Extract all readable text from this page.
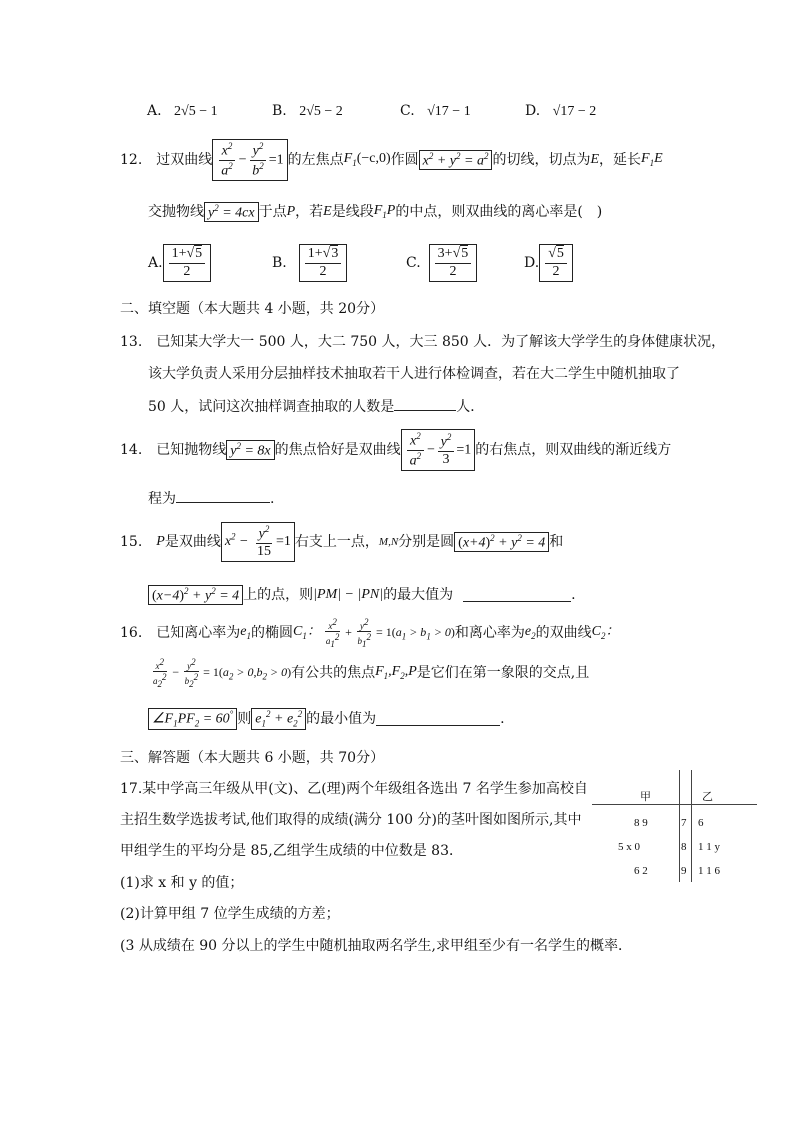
A. 2√5 − 1	B. 2√5 − 2	C. √17 − 1	D. √17 − 2
12. 过双曲线 $\frac{x^2}{a^2} - \frac{y^2}{b^2} =1$ 的左焦点 $F_1(-c,0)$ 作圆 $x^2 + y^2 = a^2$ 的切线，切点为 E ，延长 $F_1E$
交抛物线 $y^2 = 4cx$ 于点 P ，若 E 是线段 $F_1P$ 的中点，则双曲线的离心率是(　)
A. $\frac{1+√5}{2}$	B. $\frac{1+√3}{2}$	C. $\frac{3+√5}{2}$	D. $\frac{√5}{2}$
二、填空题（本大题共 4 小题，共 20分）
13. 已知某大学大一 500 人，大二 750 人，大三 850 人．为了解该大学学生的身体健康状况，
该大学负责人采用分层抽样技术抽取若干人进行体检调查，若在大二学生中随机抽取了
50 人，试问这次抽样调查抽取的人数是	人．
14. 已知抛物线 $y^2 = 8x$ 的焦点恰好是双曲线 $\frac{x^2}{a^2} - \frac{y^2}{3} =1$ 的右焦点，则双曲线的渐近线方
程为	.
15. P 是双曲线 $x^2 - \frac{y^2}{15} =1$ 右支上一点， M,N 分别是圆 $(x+4)^2 + y^2 = 4$ 和
$(x-4)^2 + y^2 = 4$ 上的点，则 |PM| − |PN| 的最大值为	.
16. 已知离心率为 $e_1$ 的椭圆 $C_1$： $\frac{x^2}{a_1^2} + \frac{y^2}{b_1^2} = 1(a_1 > b_1 > 0)$ 和离心率为 $e_2$ 的双曲线 $C_2$：
$\frac{x^2}{a_2^2} - \frac{y^2}{b_2^2} = 1(a_2 > 0,b_2 > 0)$ 有公共的焦点 $F_1,F_2,P$ 是它们在第一象限的交点,且
$\angle F_1PF_2 = 60^\circ$ 则 $e_1^2 + e_2^2$ 的最小值为	.
三、解答题（本大题共 6 小题，共 70分）
17.某中学高三年级从甲(文)、乙(理)两个年级组各选出 7 名学生参加高校自
主招生数学选拔考试,他们取得的成绩(满分 100 分)的茎叶图如图所示,其中
甲组学生的平均分是 85,乙组学生成绩的中位数是 83．
(1)求 x 和 y 的值；
(2)计算甲组 7 位学生成绩的方差；
(3 从成绩在 90 分以上的学生中随机抽取两名学生,求甲组至少有一名学生的概率．
甲	乙
8 9	7 6
5 x 0	8 1 1 y
6 2	9 1 1 6
